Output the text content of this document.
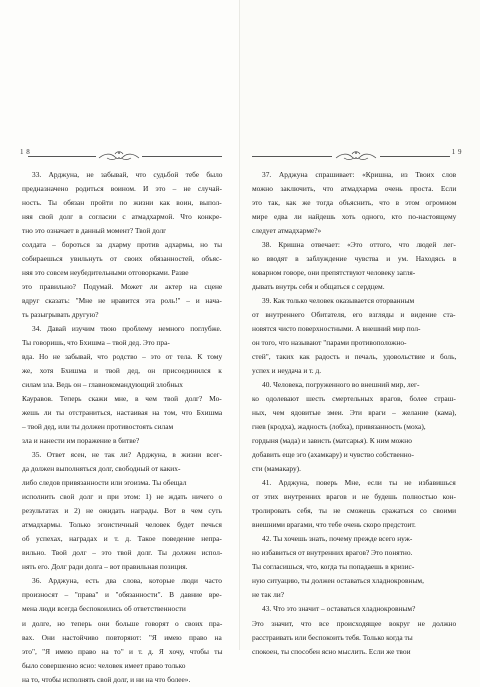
1 8
33. Арджуна, не забывай, что судьбой тебе было
предназначено родиться воином. И это – не случай-
ность. Ты обязан пройти по жизни как воин, выпол-
няя свой долг в согласии с атмадхармой. Что конкре-
тно это означает в данный момент? Твой долг
солдата – бороться за дхарму против адхармы, но ты
собираешься увильнуть от своих обязанностей, объяс-
няя это совсем неубедительными отговорками. Разве
это правильно? Подумай. Может ли актер на сцене
вдруг сказать: "Мне не нравится эта роль!" – и нача-
ть разыгрывать другую?
34. Давай изучим твою проблему немного поглубже.
Ты говоришь, что Бхишма – твой дед. Это пра-
вда. Но не забывай, что родство – это от тела. К тому
же, хотя Бхишма и твой дед, он присоединился к
силам зла. Ведь он – главнокомандующий злобных
Кауравов. Теперь скажи мне, в чем твой долг? Мо-
жешь ли ты отстраниться, настаивая на том, что Бхишма
– твой дед, или ты должен противостоять силам
зла и нанести им поражение в битве?
35. Ответ ясен, не так ли? Арджуна, в жизни всег-
да должен выполняться долг, свободный от каких-
либо следов привязанности или эгоизма. Ты обещал
исполнить свой долг и при этом: 1) не ждать ничего о
результатах и 2) не ожидать награды. Вот в чем суть
атмадхармы. Только эгоистичный человек будет печься
об успехах, наградах и т. д. Такое поведение непра-
вильно. Твой долг – это твой долг. Ты должен испол-
нять его. Долг ради долга – вот правильная позиция.
36. Арджуна, есть два слова, которые люди часто
произносят – "права" и "обязанности". В давние вре-
мена люди всегда беспокоились об ответственности
и долге, но теперь они больше говорят о своих пра-
вах. Они настойчиво повторяют: "Я имею право на
это", "Я имею право на то" и т. д. Я хочу, чтобы ты
было совершенно ясно: человек имеет право только
на то, чтобы исполнять свой долг, и ни на что более».
1 9
37. Арджуна спрашивает: «Кришна, из Твоих слов
можно заключить, что атмадхарма очень проста. Если
это так, как же тогда объяснить, что в этом огромном
мире едва ли найдешь хоть одного, кто по-настоящему
следует атмадхарме?»
38. Кришна отвечает: «Это оттого, что людей лег-
ко вводят в заблуждение чувства и ум. Находясь в
коварном говоре, они препятствуют человеку загля-
дывать внутрь себя и общаться с сердцем.
39. Как только человек оказывается оторванным
от внутреннего Обитателя, его взгляды и видение ста-
новятся чисто поверхностными. А внешний мир пол-
он того, что называют "парами противоположно-
стей", таких как радость и печаль, удовольствие и боль,
успех и неудача и т. д.
40. Человека, погруженного во внешний мир, лег-
ко одолевают шесть смертельных врагов, более страш-
ных, чем ядовитые змеи. Эти враги – желание (кама),
гнев (кродха), жадность (лобха), привязанность (моха),
гордыня (мада) и зависть (матсарья). К ним можно
добавить еще эго (ахамкару) и чувство собственно-
сти (мамакару).
41. Арджуна, поверь Мне, если ты не избавишься
от этих внутренних врагов и не будешь полностью кон-
тролировать себя, ты не сможешь сражаться со своими
внешними врагами, что тебе очень скоро предстоит.
42. Ты хочешь знать, почему прежде всего нуж-
но избавиться от внутренних врагов? Это понятно.
Ты согласишься, что, когда ты попадаешь в кризис-
ную ситуацию, ты должен оставаться хладнокровным,
не так ли?
43. Что это значит – оставаться хладнокровным?
Это значит, что все происходящее вокруг не должно
расстраивать или беспокоить тебя. Только когда ты
спокоен, ты способен ясно мыслить. Если же твои
